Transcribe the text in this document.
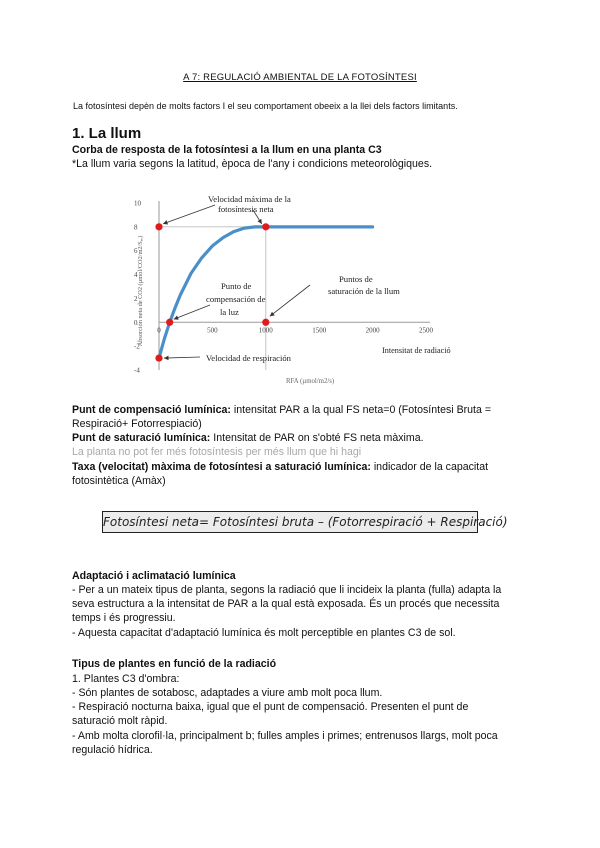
A 7: REGULACIÓ AMBIENTAL DE LA FOTOSÍNTESI
La fotosíntesi depèn de molts factors I el seu comportament obeeix a la llei dels factors limitants.
1. La llum
Corba de resposta de la fotosíntesi a la llum en una planta C3
*La llum varia segons la latitud, època de l'any i condicions meteorològiques.
Absorción neta de CO2 (µmol/CO2/m2/Sₑₒ)
Velocidad máxima de la
fotosíntesis neta
Punto de
compensación de
la luz
Puntos de
saturación de la llum
Velocidad de respiración
10
8
6
4
2
0
-2
-4
0	500	1000	1500	2000	2500
Intensitat de radiació
RFA (µmol/m2/s)
Punt de compensació lumínica: intensitat PAR a la qual FS neta=0 (Fotosíntesi Bruta =
Respiració+ Fotorrespiació)
Punt de saturació lumínica: Intensitat de PAR on s'obté FS neta màxima.
La planta no pot fer més fotosíntesis per més llum que hi hagi
Taxa (velocitat) màxima de fotosíntesi a saturació lumínica: indicador de la capacitat
fotosintètica (Amàx)
Fotosíntesi neta= Fotosíntesi bruta – (Fotorrespiració + Respiració)
Adaptació i aclimatació lumínica
- Per a un mateix tipus de planta, segons la radiació que li incideix la planta (fulla) adapta la
seva estructura a la intensitat de PAR a la qual està exposada. És un procés que necessita
temps i és progressiu.
- Aquesta capacitat d'adaptació lumínica és molt perceptible en plantes C3 de sol.
Tipus de plantes en funció de la radiació
1. Plantes C3 d'ombra:
- Són plantes de sotabosc, adaptades a viure amb molt poca llum.
- Respiració nocturna baixa, igual que el punt de compensació. Presenten el punt de
saturació molt ràpid.
- Amb molta clorofil·la, principalment b; fulles amples i primes; entrenusos llargs, molt poca
regulació hídrica.
